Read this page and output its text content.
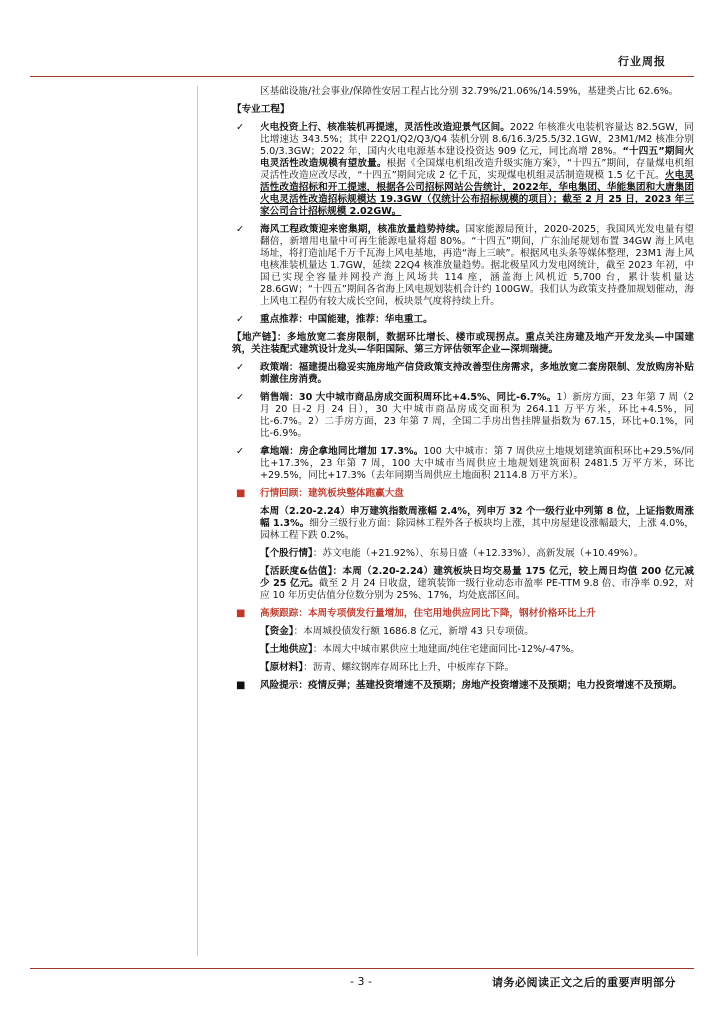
行业周报

区基础设施/社会事业/保障性安居工程占比分别 32.79%/21.06%/14.59%，基建类占比 62.6%。

【专业工程】

✓ 火电投资上行、核准装机再提速，灵活性改造迎景气区间。2022 年核准火电装机容量达 82.5GW，同比增速达 343.5%；其中 22Q1/Q2/Q3/Q4 装机分别 8.6/16.3/25.5/32.1GW，23M1/M2 核准分别 5.0/3.3GW；2022 年，国内火电电源基本建设投资达 909 亿元，同比高增 28%。“十四五”期间火电灵活性改造规模有望放量。根据《全国煤电机组改造升级实施方案》，“十四五”期间，存量煤电机组灵活性改造应改尽改，“十四五”期间完成 2 亿千瓦，实现煤电机组灵活制造规模 1.5 亿千瓦。火电灵活性改造招标和开工提速，根据各公司招标网站公告统计，2022年，华电集团、华能集团和大唐集团火电灵活性改造招标规模达 19.3GW（仅统计公布招标规模的项目）；截至 2 月 25 日，2023 年三家公司合计招标规模 2.02GW。
✓ 海风工程政策迎来密集期，核准放量趋势持续。国家能源局预计，2020-2025，我国风光发电量有望翻倍，新增用电量中可再生能源电量将超 80%。“十四五”期间，广东汕尾规划布置 34GW 海上风电场址，将打造汕尾千万千瓦海上风电基地，再造“海上三峡”。根据风电头条等媒体整理，23M1 海上风电核准装机量达 1.7GW，延续 22Q4 核准放量趋势。据北极星风力发电网统计，截至 2023 年初，中国已实现全容量并网投产海上风场共 114 座，涵盖海上风机近 5,700 台，累计装机量达 28.6GW；“十四五”期间各省海上风电规划装机合计约 100GW。我们认为政策支持叠加规划催动，海上风电工程仍有较大成长空间，板块景气度将持续上升。
✓ 重点推荐：中国能建，推荐：华电重工。

【地产链】：多地放宽二套房限制，数据环比增长、楼市或现拐点。重点关注房建及地产开发龙头—中国建筑，关注装配式建筑设计龙头—华阳国际、第三方评估领军企业—深圳瑞捷。

✓ 政策端：福建提出稳妥实施房地产信贷政策支持改善型住房需求，多地放宽二套房限制、发放购房补贴刺激住房消费。
✓ 销售端：30 大中城市商品房成交面积周环比+4.5%、同比-6.7%。1）新房方面，23 年第 7 周（2 月 20 日-2 月 24 日），30 大中城市商品房成交面积为 264.11 万平方米，环比+4.5%，同比-6.7%。2）二手房方面，23 年第 7 周，全国二手房出售挂牌量指数为 67.15，环比+0.1%，同比-6.9%。
✓ 拿地端：房企拿地同比增加 17.3%。100 大中城市：第 7 周供应土地规划建筑面积环比+29.5%/同比+17.3%，23 年第 7 周，100 大中城市当周供应土地规划建筑面积 2481.5 万平方米，环比+29.5%，同比+17.3%（去年同期当周供应土地面积 2114.8 万平方米）。
■ 行情回顾：建筑板块整体跑赢大盘

本周（2.20-2.24）申万建筑指数周涨幅 2.4%，列申万 32 个一级行业中列第 8 位，上证指数周涨幅 1.3%。细分三级行业方面：除园林工程外各子板块均上涨，其中房屋建设涨幅最大，上涨 4.0%，园林工程下跌 0.2%。

【个股行情】：苏文电能（+21.92%）、东易日盛（+12.33%）、高新发展（+10.49%）。

【活跃度&估值】：本周（2.20-2.24）建筑板块日均交易量 175 亿元，较上周日均值 200 亿元减少 25 亿元。截至 2 月 24 日收盘，建筑装饰一级行业动态市盈率 PE-TTM 9.8 倍、市净率 0.92，对应 10 年历史估值分位数分别为 25%、17%，均处底部区间。

■ 高频跟踪：本周专项债发行量增加，住宅用地供应同比下降，钢材价格环比上升

【资金】：本周城投债发行额 1686.8 亿元，新增 43 只专项债。

【土地供应】：本周大中城市累供应土地建面/纯住宅建面同比-12%/-47%。

【原材料】：沥青、螺纹钢库存周环比上升，中板库存下降。

■ 风险提示：疫情反弹；基建投资增速不及预期；房地产投资增速不及预期；电力投资增速不及预期。
- 3 -	请务必阅读正文之后的重要声明部分
